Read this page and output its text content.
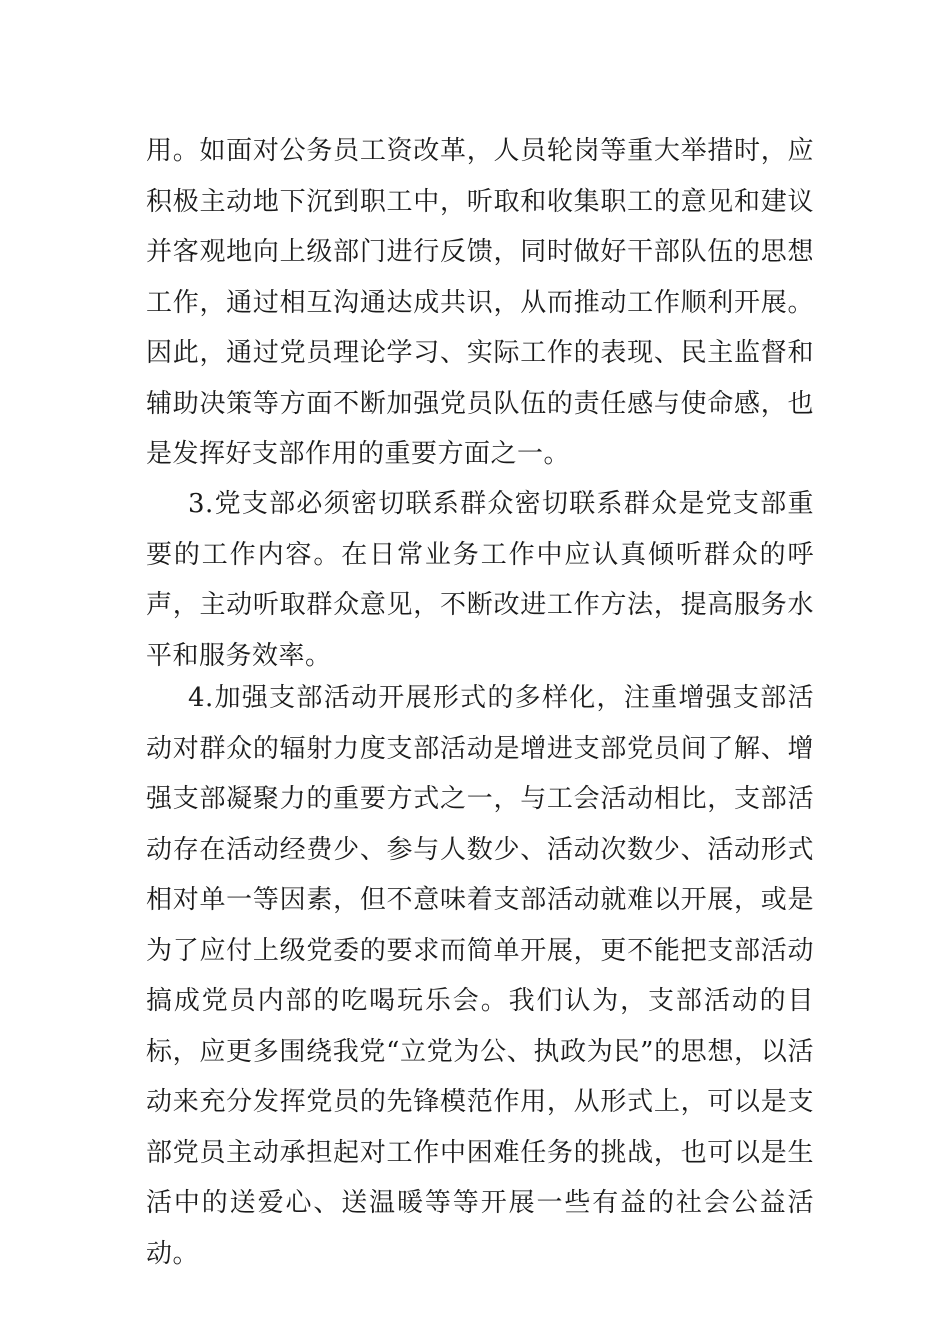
用。如面对公务员工资改革，人员轮岗等重大举措时，应积极主动地下沉到职工中，听取和收集职工的意见和建议并客观地向上级部门进行反馈，同时做好干部队伍的思想工作，通过相互沟通达成共识，从而推动工作顺利开展。因此，通过党员理论学习、实际工作的表现、民主监督和辅助决策等方面不断加强党员队伍的责任感与使命感，也是发挥好支部作用的重要方面之一。

3.党支部必须密切联系群众密切联系群众是党支部重要的工作内容。在日常业务工作中应认真倾听群众的呼声，主动听取群众意见，不断改进工作方法，提高服务水平和服务效率。

4.加强支部活动开展形式的多样化，注重增强支部活动对群众的辐射力度支部活动是增进支部党员间了解、增强支部凝聚力的重要方式之一，与工会活动相比，支部活动存在活动经费少、参与人数少、活动次数少、活动形式相对单一等因素，但不意味着支部活动就难以开展，或是为了应付上级党委的要求而简单开展，更不能把支部活动搞成党员内部的吃喝玩乐会。我们认为，支部活动的目标，应更多围绕我党“立党为公、执政为民”的思想，以活动来充分发挥党员的先锋模范作用，从形式上，可以是支部党员主动承担起对工作中困难任务的挑战，也可以是生活中的送爱心、送温暖等等开展一些有益的社会公益活动。
